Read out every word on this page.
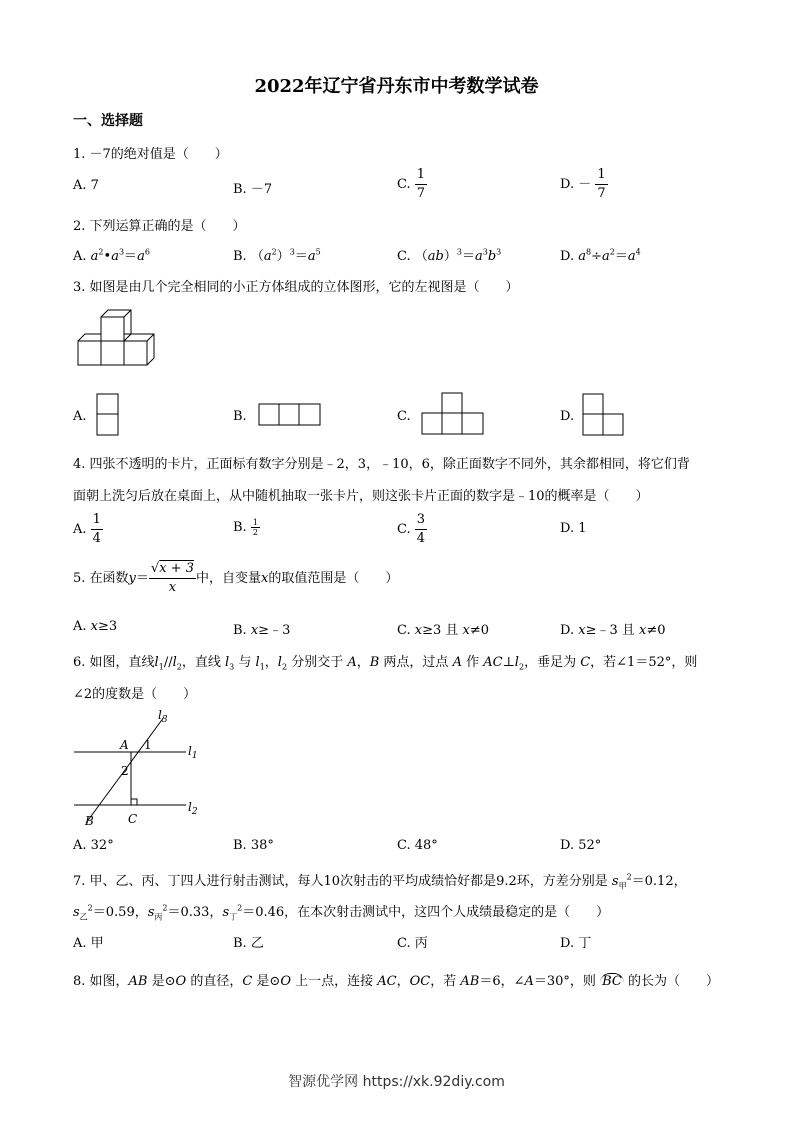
2022年辽宁省丹东市中考数学试卷
一、选择题
1. －7的绝对值是（　　）
A. 7	B. －7	C. $\frac{1}{7}$	D. － $\frac{1}{7}$
2. 下列运算正确的是（　　）
A. $a^2•a^3=a^6$	B. $(a^2)^3=a^5$	C. $(ab)^3=a^3b^3$	D. $a^8\div a^2=a^4$
3. 如图是由几个完全相同的小正方体组成的立体图形，它的左视图是（　　）
A.	B.	C.	D.
4. 四张不透明的卡片，正面标有数字分别是﹣2，3，﹣10，6，除正面数字不同外，其余都相同，将它们背
面朝上洗匀后放在桌面上，从中随机抽取一张卡片，则这张卡片正面的数字是﹣10的概率是（　　）
A. $\frac{1}{4}$	B. $\frac{1}{2}$	C. $\frac{3}{4}$	D. 1
5. 在函数$y= \frac{√x + 3}{x}$ 中，自变量x的取值范围是（　　）
A. x≥3	B. x≥﹣3	C. x≥3 且 x≠0	D. x≥﹣3 且 x≠0
6. 如图，直线$l_1//l_2$，直线 $l_3$ 与 $l_1$，$l_2$ 分别交于 A，B 两点，过点 A 作 $AC\perp l_2$，垂足为 C，若∠1＝52°，则
∠2的度数是（　　）
$l_3$
$l_1$
$l_2$
A
B	C
1
2
A. 32°	B. 38°	C. 48°	D. 52°
7. 甲、乙、丙、丁四人进行射击测试，每人10次射击的平均成绩恰好都是9.2环，方差分别是 $s_甲^2=0.12$，
$s_乙^2=0.59$，$s_丙^2=0.33$，$s_丁^2=0.46$，在本次射击测试中，这四个人成绩最稳定的是（　　）
A. 甲	B. 乙	C. 丙	D. 丁
8. 如图，AB 是⊙O 的直径，C 是⊙O 上一点，连接 AC，OC，若 AB＝6，∠A＝30°，则 BC 的长为（　　）
智源优学网 https://xk.92diy.com
